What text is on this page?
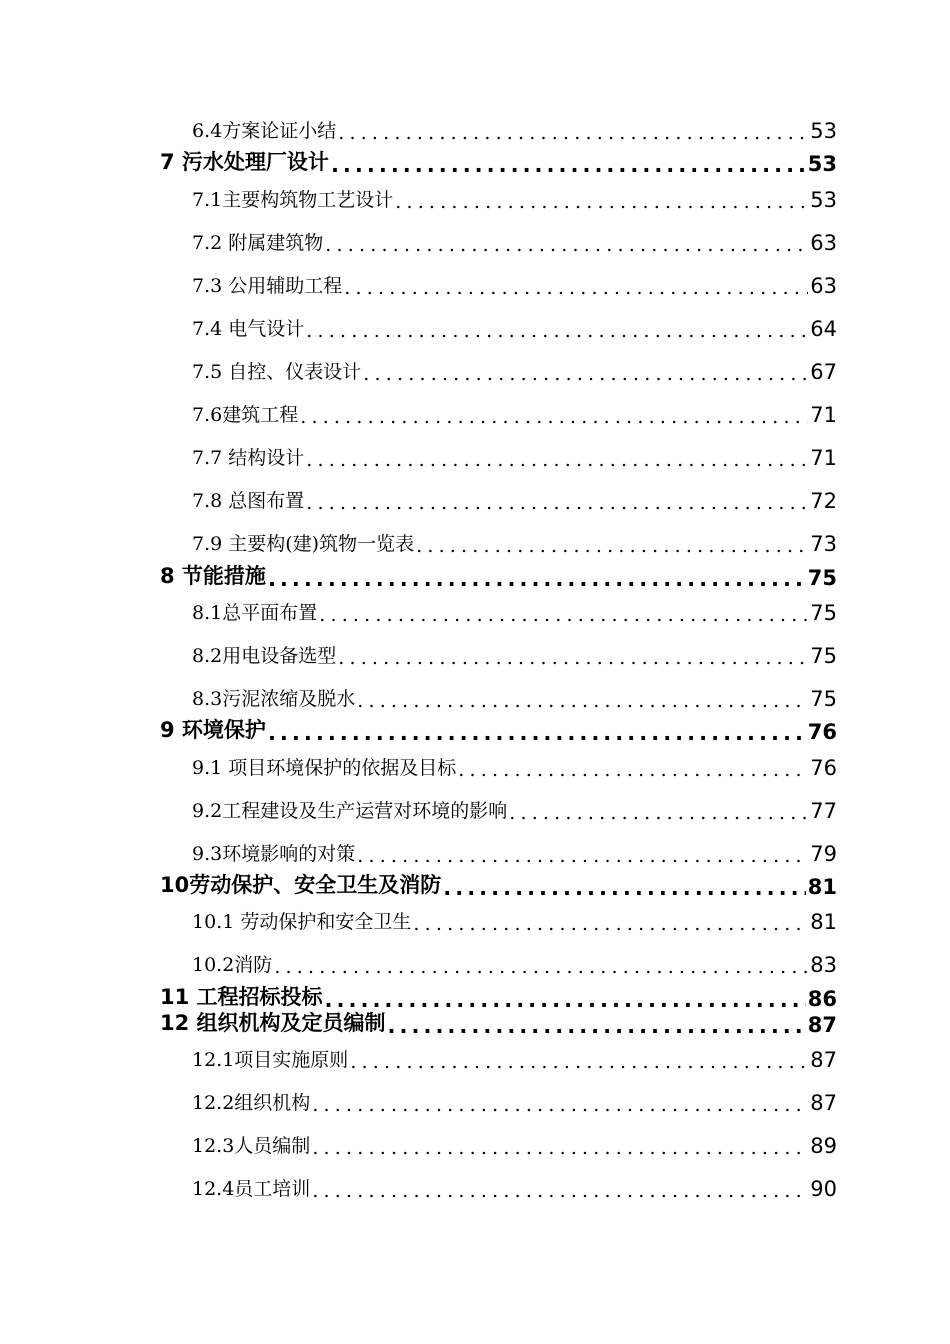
6.4方案论证小结 .....	53
7 污水处理厂设计 .....	53
7.1主要构筑物工艺设计 .....	53
7.2 附属建筑物 .....	63
7.3 公用辅助工程 .....	63
7.4 电气设计 .....	64
7.5 自控、仪表设计 .....	67
7.6建筑工程 .....	71
7.7 结构设计 .....	71
7.8 总图布置 .....	72
7.9 主要构(建)筑物一览表 .....	73
8 节能措施 .....	75
8.1总平面布置 .....	75
8.2用电设备选型 .....	75
8.3污泥浓缩及脱水 .....	75
9 环境保护 .....	76
9.1 项目环境保护的依据及目标 .....	76
9.2工程建设及生产运营对环境的影响 .....	77
9.3环境影响的对策 .....	79
10劳动保护、安全卫生及消防 .....	81
10.1 劳动保护和安全卫生 .....	81
10.2消防 .....	83
11 工程招标投标 .....	86
12 组织机构及定员编制 .....	87
12.1项目实施原则 .....	87
12.2组织机构 .....	87
12.3人员编制 .....	89
12.4员工培训 .....	90
